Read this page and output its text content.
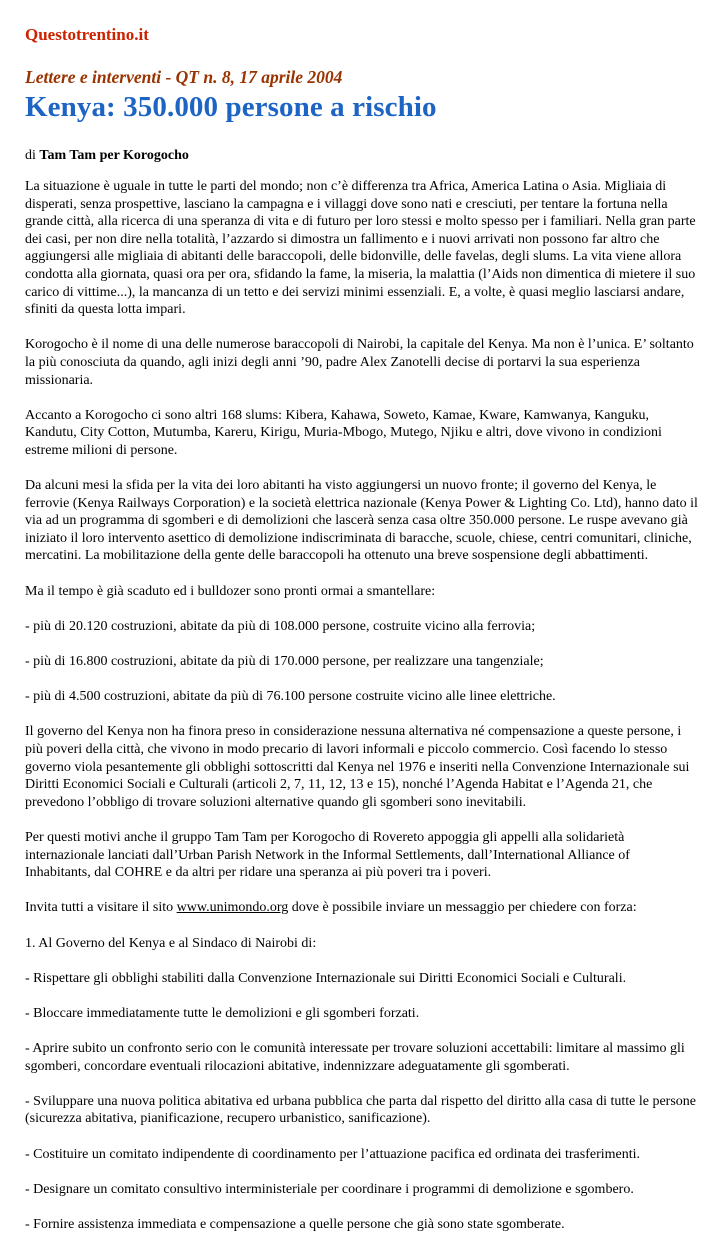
Questotrentino.it
Lettere e interventi - QT n. 8, 17 aprile 2004
Kenya: 350.000 persone a rischio
di Tam Tam per Korogocho

La situazione è uguale in tutte le parti del mondo; non c’è differenza tra Africa, America Latina o Asia. Migliaia di disperati, senza prospettive, lasciano la campagna e i villaggi dove sono nati e cresciuti, per tentare la fortuna nella grande città, alla ricerca di una speranza di vita e di futuro per loro stessi e molto spesso per i familiari. Nella gran parte dei casi, per non dire nella totalità, l’azzardo si dimostra un fallimento e i nuovi arrivati non possono far altro che aggiungersi alle migliaia di abitanti delle baraccopoli, delle bidonville, delle favelas, degli slums. La vita viene allora condotta alla giornata, quasi ora per ora, sfidando la fame, la miseria, la malattia (l’Aids non dimentica di mietere il suo carico di vittime...), la mancanza di un tetto e dei servizi minimi essenziali. E, a volte, è quasi meglio lasciarsi andare, sfiniti da questa lotta impari.

Korogocho è il nome di una delle numerose baraccopoli di Nairobi, la capitale del Kenya. Ma non è l’unica. E’ soltanto la più conosciuta da quando, agli inizi degli anni ’90, padre Alex Zanotelli decise di portarvi la sua esperienza missionaria.

Accanto a Korogocho ci sono altri 168 slums: Kibera, Kahawa, Soweto, Kamae, Kware, Kamwanya, Kanguku, Kandutu, City Cotton, Mutumba, Kareru, Kirigu, Muria-Mbogo, Mutego, Njiku e altri, dove vivono in condizioni estreme milioni di persone.

Da alcuni mesi la sfida per la vita dei loro abitanti ha visto aggiungersi un nuovo fronte; il governo del Kenya, le ferrovie (Kenya Railways Corporation) e la società elettrica nazionale (Kenya Power & Lighting Co. Ltd), hanno dato il via ad un programma di sgomberi e di demolizioni che lascerà senza casa oltre 350.000 persone. Le ruspe avevano già iniziato il loro intervento asettico di demolizione indiscriminata di baracche, scuole, chiese, centri comunitari, cliniche, mercatini. La mobilitazione della gente delle baraccopoli ha ottenuto una breve sospensione degli abbattimenti.

Ma il tempo è già scaduto ed i bulldozer sono pronti ormai a smantellare:

- più di 20.120 costruzioni, abitate da più di 108.000 persone, costruite vicino alla ferrovia;

- più di 16.800 costruzioni, abitate da più di 170.000 persone, per realizzare una tangenziale;

- più di 4.500 costruzioni, abitate da più di 76.100 persone costruite vicino alle linee elettriche.

Il governo del Kenya non ha finora preso in considerazione nessuna alternativa né compensazione a queste persone, i più poveri della città, che vivono in modo precario di lavori informali e piccolo commercio. Così facendo lo stesso governo viola pesantemente gli obblighi sottoscritti dal Kenya nel 1976 e inseriti nella Convenzione Internazionale sui Diritti Economici Sociali e Culturali (articoli 2, 7, 11, 12, 13 e 15), nonché l’Agenda Habitat e l’Agenda 21, che prevedono l’obbligo di trovare soluzioni alternative quando gli sgomberi sono inevitabili.

Per questi motivi anche il gruppo Tam Tam per Korogocho di Rovereto appoggia gli appelli alla solidarietà internazionale lanciati dall’Urban Parish Network in the Informal Settlements, dall’International Alliance of Inhabitants, dal COHRE e da altri per ridare una speranza ai più poveri tra i poveri.

Invita tutti a visitare il sito www.unimondo.org dove è possibile inviare un messaggio per chiedere con forza:

1. Al Governo del Kenya e al Sindaco di Nairobi di:

- Rispettare gli obblighi stabiliti dalla Convenzione Internazionale sui Diritti Economici Sociali e Culturali.

- Bloccare immediatamente tutte le demolizioni e gli sgomberi forzati.

- Aprire subito un confronto serio con le comunità interessate per trovare soluzioni accettabili: limitare al massimo gli sgomberi, concordare eventuali rilocazioni abitative, indennizzare adeguatamente gli sgomberati.

- Sviluppare una nuova politica abitativa ed urbana pubblica che parta dal rispetto del diritto alla casa di tutte le persone (sicurezza abitativa, pianificazione, recupero urbanistico, sanificazione).

- Costituire un comitato indipendente di coordinamento per l’attuazione pacifica ed ordinata dei trasferimenti.

- Designare un comitato consultivo interministeriale per coordinare i programmi di demolizione e sgombero.

- Fornire assistenza immediata e compensazione a quelle persone che già sono state sgomberate.
